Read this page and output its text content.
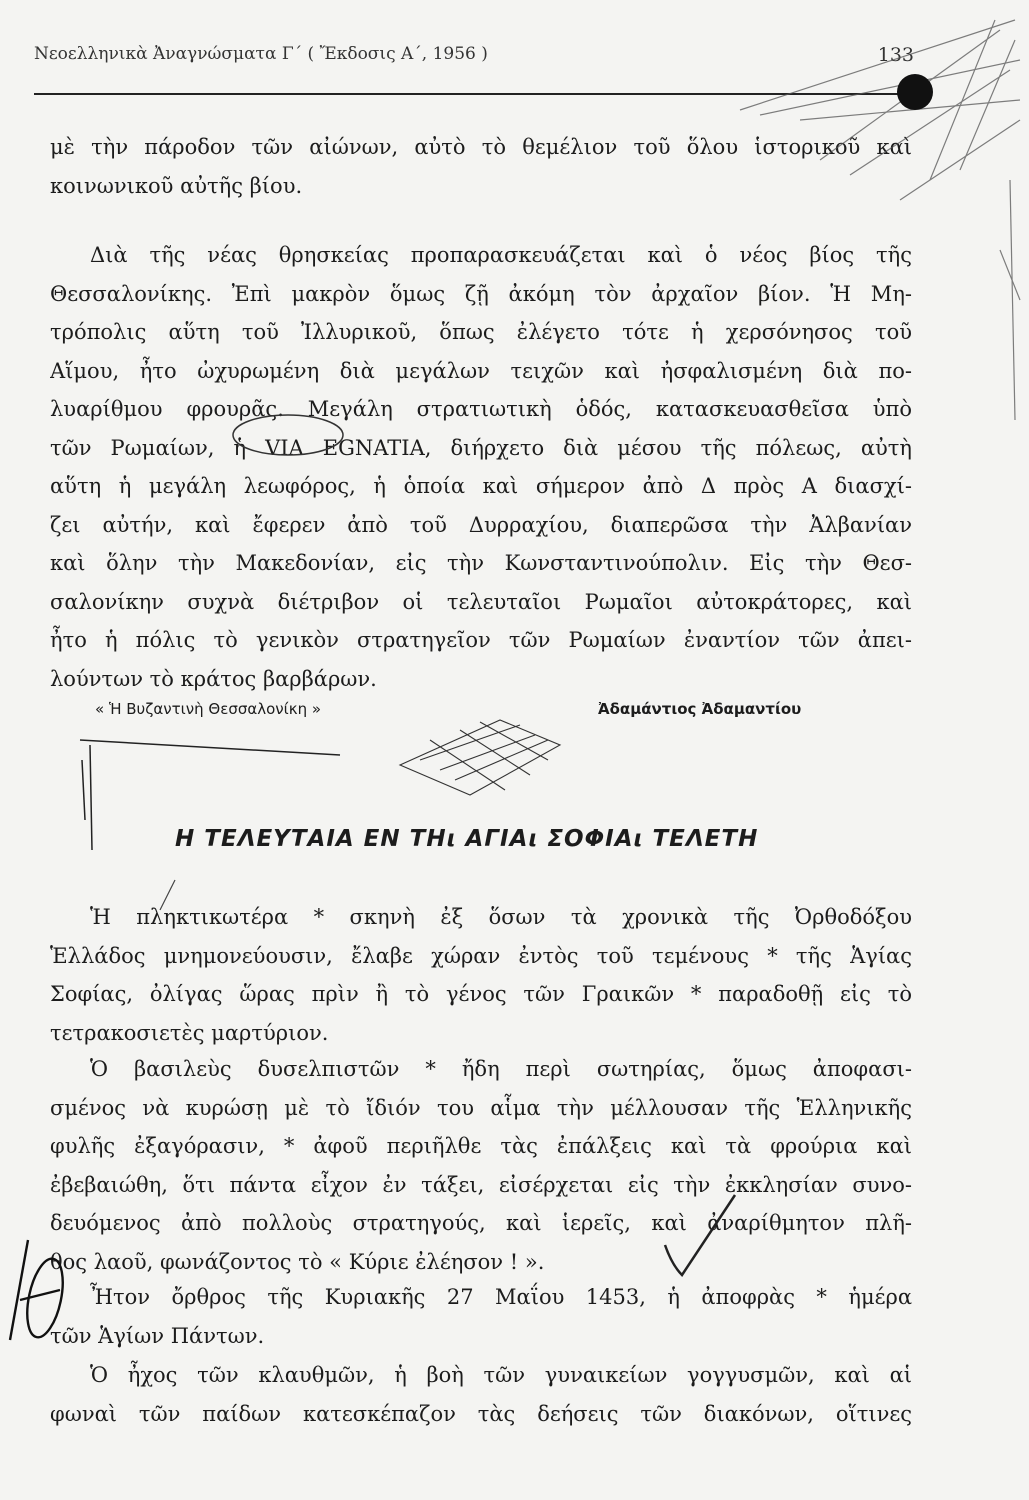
Νεοελληνικὰ Ἀναγνώσματα Γ΄ ( Ἔκδοσις Α΄, 1956 )	133
μὲ τὴν πάροδον τῶν αἰώνων, αὐτὸ τὸ θεμέλιον τοῦ ὅλου ἱστορικοῦ καὶ
κοινωνικοῦ αὐτῆς βίου.
Διὰ τῆς νέας θρησκείας προπαρασκευάζεται καὶ ὁ νέος βίος τῆς
Θεσσαλονίκης. Ἐπὶ μακρὸν ὅμως ζῇ ἀκόμη τὸν ἀρχαῖον βίον. Ἡ Μη-
τρόπολις αὕτη τοῦ Ἰλλυρικοῦ, ὅπως ἐλέγετο τότε ἡ χερσόνησος τοῦ
Αἵμου, ἦτο ὠχυρωμένη διὰ μεγάλων τειχῶν καὶ ἠσφαλισμένη διὰ πο-
λυαρίθμου φρουρᾶς. Μεγάλη στρατιωτικὴ ὁδός, κατασκευασθεῖσα ὑπὸ
τῶν Ρωμαίων, ἡ VIA EGNATIA, διήρχετο διὰ μέσου τῆς πόλεως, αὐτὴ
αὕτη ἡ μεγάλη λεωφόρος, ἡ ὁποία καὶ σήμερον ἀπὸ Δ πρὸς Α διασχί-
ζει αὐτήν, καὶ ἔφερεν ἀπὸ τοῦ Δυρραχίου, διαπερῶσα τὴν Ἀλβανίαν
καὶ ὅλην τὴν Μακεδονίαν, εἰς τὴν Κωνσταντινούπολιν. Εἰς τὴν Θεσ-
σαλονίκην συχνὰ διέτριβον οἱ τελευταῖοι Ρωμαῖοι αὐτοκράτορες, καὶ
ἦτο ἡ πόλις τὸ γενικὸν στρατηγεῖον τῶν Ρωμαίων ἐναντίον τῶν ἀπει-
λούντων τὸ κράτος βαρβάρων.
« Ἡ Βυζαντινὴ Θεσσαλονίκη »	Ἀδαμάντιος Ἀδαμαντίου
Η ΤΕΛΕΥΤΑΙΑ ΕΝ ΤΗι ΑΓΙΑι ΣΟΦΙΑι ΤΕΛΕΤΗ
Ἡ πληκτικωτέρα * σκηνὴ ἐξ ὅσων τὰ χρονικὰ τῆς Ὀρθοδόξου
Ἑλλάδος μνημονεύουσιν, ἔλαβε χώραν ἐντὸς τοῦ τεμένους * τῆς Ἁγίας
Σοφίας, ὀλίγας ὥρας πρὶν ἢ τὸ γένος τῶν Γραικῶν * παραδοθῇ εἰς τὸ
τετρακοσιετὲς μαρτύριον.
Ὁ βασιλεὺς δυσελπιστῶν * ἤδη περὶ σωτηρίας, ὅμως ἀποφασι-
σμένος νὰ κυρώσῃ μὲ τὸ ἴδιόν του αἷμα τὴν μέλλουσαν τῆς Ἑλληνικῆς
φυλῆς ἐξαγόρασιν, * ἀφοῦ περιῆλθε τὰς ἐπάλξεις καὶ τὰ φρούρια καὶ
ἐβεβαιώθη, ὅτι πάντα εἶχον ἐν τάξει, εἰσέρχεται εἰς τὴν ἐκκλησίαν συνο-
δευόμενος ἀπὸ πολλοὺς στρατηγούς, καὶ ἱερεῖς, καὶ ἀναρίθμητον πλῆ-
θος λαοῦ, φωνάζοντος τὸ « Κύριε ἐλέησον ! ».
Ἦτον ὄρθρος τῆς Κυριακῆς 27 Μαΐου 1453, ἡ ἀποφρὰς * ἡμέρα
τῶν Ἁγίων Πάντων.
Ὁ ἦχος τῶν κλαυθμῶν, ἡ βοὴ τῶν γυναικείων γογγυσμῶν, καὶ αἱ
φωναὶ τῶν παίδων κατεσκέπαζον τὰς δεήσεις τῶν διακόνων, οἵτινες
